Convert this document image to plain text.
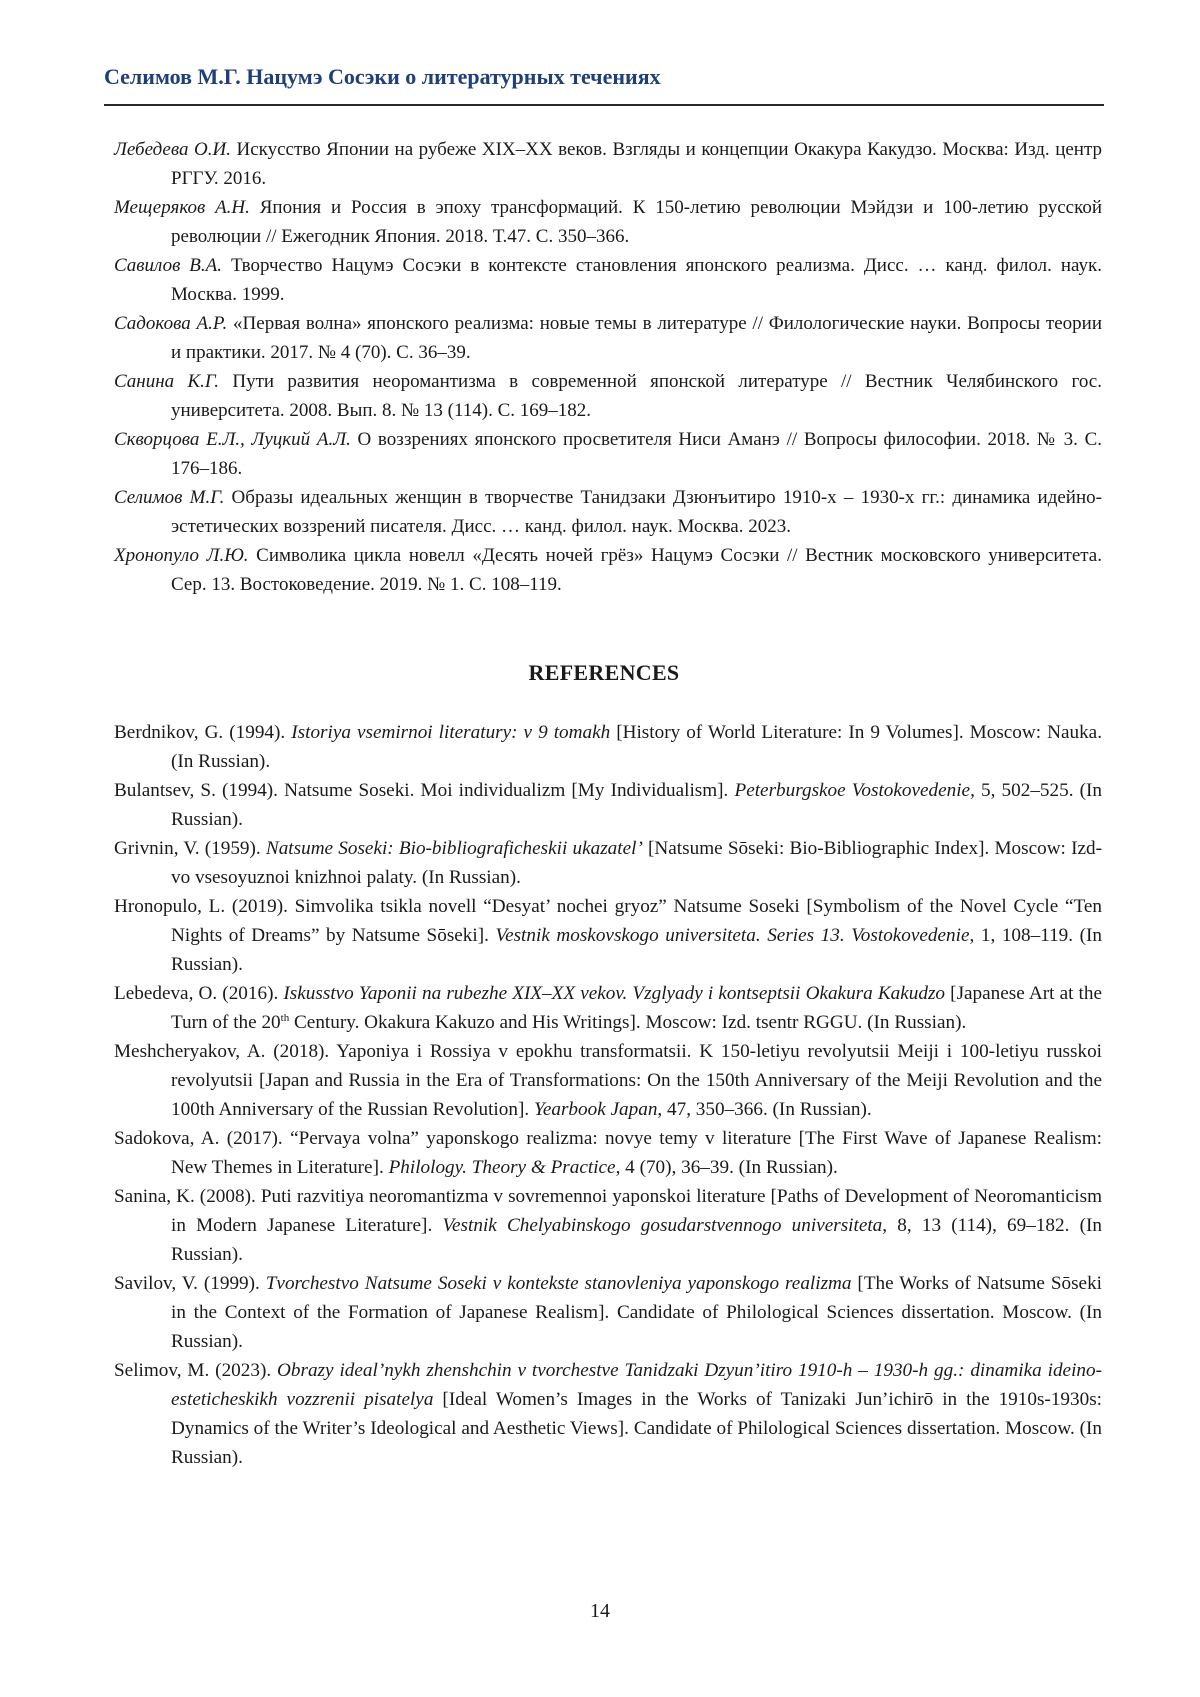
Селимов М.Г. Нацумэ Сосэки о литературных течениях

Лебедева О.И. Искусство Японии на рубеже XIX–XX веков. Взгляды и концепции Окакура Какудзо. Москва: Изд. центр РГГУ. 2016.

Мещеряков А.Н. Япония и Россия в эпоху трансформаций. К 150-летию революции Мэйдзи и 100-летию русской революции // Ежегодник Япония. 2018. Т.47. С. 350–366.

Савилов В.А. Творчество Нацумэ Сосэки в контексте становления японского реализма. Дисс. … канд. филол. наук. Москва. 1999.

Садокова А.Р. «Первая волна» японского реализма: новые темы в литературе // Филологические науки. Вопросы теории и практики. 2017. № 4 (70). С. 36–39.

Санина К.Г. Пути развития неоромантизма в современной японской литературе // Вестник Челябинского гос. университета. 2008. Вып. 8. № 13 (114). С. 169–182.

Скворцова Е.Л., Луцкий А.Л. О воззрениях японского просветителя Ниси Аманэ // Вопросы философии. 2018. № 3. С. 176–186.

Селимов М.Г. Образы идеальных женщин в творчестве Танидзаки Дзюнъитиро 1910-х – 1930-х гг.: динамика идейно-эстетических воззрений писателя. Дисс. … канд. филол. наук. Москва. 2023.

Хронопуло Л.Ю. Символика цикла новелл «Десять ночей грёз» Нацумэ Сосэки // Вестник московского университета. Сер. 13. Востоковедение. 2019. № 1. С. 108–119.

REFERENCES

Berdnikov, G. (1994). Istoriya vsemirnoi literatury: v 9 tomakh [History of World Literature: In 9 Volumes]. Moscow: Nauka. (In Russian).

Bulantsev, S. (1994). Natsume Soseki. Moi individualizm [My Individualism]. Peterburgskoe Vostokovedenie, 5, 502–525. (In Russian).

Grivnin, V. (1959). Natsume Soseki: Bio-bibliograficheskii ukazatel’ [Natsume Sōseki: Bio-Bibliographic Index]. Moscow: Izd-vo vsesoyuznoi knizhnoi palaty. (In Russian).

Hronopulo, L. (2019). Simvolika tsikla novell “Desyat’ nochei gryoz” Natsume Soseki [Symbolism of the Novel Cycle “Ten Nights of Dreams” by Natsume Sōseki]. Vestnik moskovskogo universiteta. Series 13. Vostokovedenie, 1, 108–119. (In Russian).

Lebedeva, O. (2016). Iskusstvo Yaponii na rubezhe XIX–XX vekov. Vzglyady i kontseptsii Okakura Kakudzo [Japanese Art at the Turn of the 20th Century. Okakura Kakuzo and His Writings]. Moscow: Izd. tsentr RGGU. (In Russian).

Meshcheryakov, A. (2018). Yaponiya i Rossiya v epokhu transformatsii. K 150-letiyu revolyutsii Meiji i 100-letiyu russkoi revolyutsii [Japan and Russia in the Era of Transformations: On the 150th Anniversary of the Meiji Revolution and the 100th Anniversary of the Russian Revolution]. Yearbook Japan, 47, 350–366. (In Russian).

Sadokova, A. (2017). “Pervaya volna” yaponskogo realizma: novye temy v literature [The First Wave of Japanese Realism: New Themes in Literature]. Philology. Theory & Practice, 4 (70), 36–39. (In Russian).

Sanina, K. (2008). Puti razvitiya neoromantizma v sovremennoi yaponskoi literature [Paths of Development of Neoromanticism in Modern Japanese Literature]. Vestnik Chelyabinskogo gosudarstvennogo universiteta, 8, 13 (114), 69–182. (In Russian).

Savilov, V. (1999). Tvorchestvo Natsume Soseki v kontekste stanovleniya yaponskogo realizma [The Works of Natsume Sōseki in the Context of the Formation of Japanese Realism]. Candidate of Philological Sciences dissertation. Moscow. (In Russian).

Selimov, M. (2023). Obrazy ideal’nykh zhenshchin v tvorchestve Tanidzaki Dzyun’itiro 1910-h – 1930-h gg.: dinamika ideino-esteticheskikh vozzrenii pisatelya [Ideal Women’s Images in the Works of Tanizaki Jun’ichirō in the 1910s-1930s: Dynamics of the Writer’s Ideological and Aesthetic Views]. Candidate of Philological Sciences dissertation. Moscow. (In Russian).

14
